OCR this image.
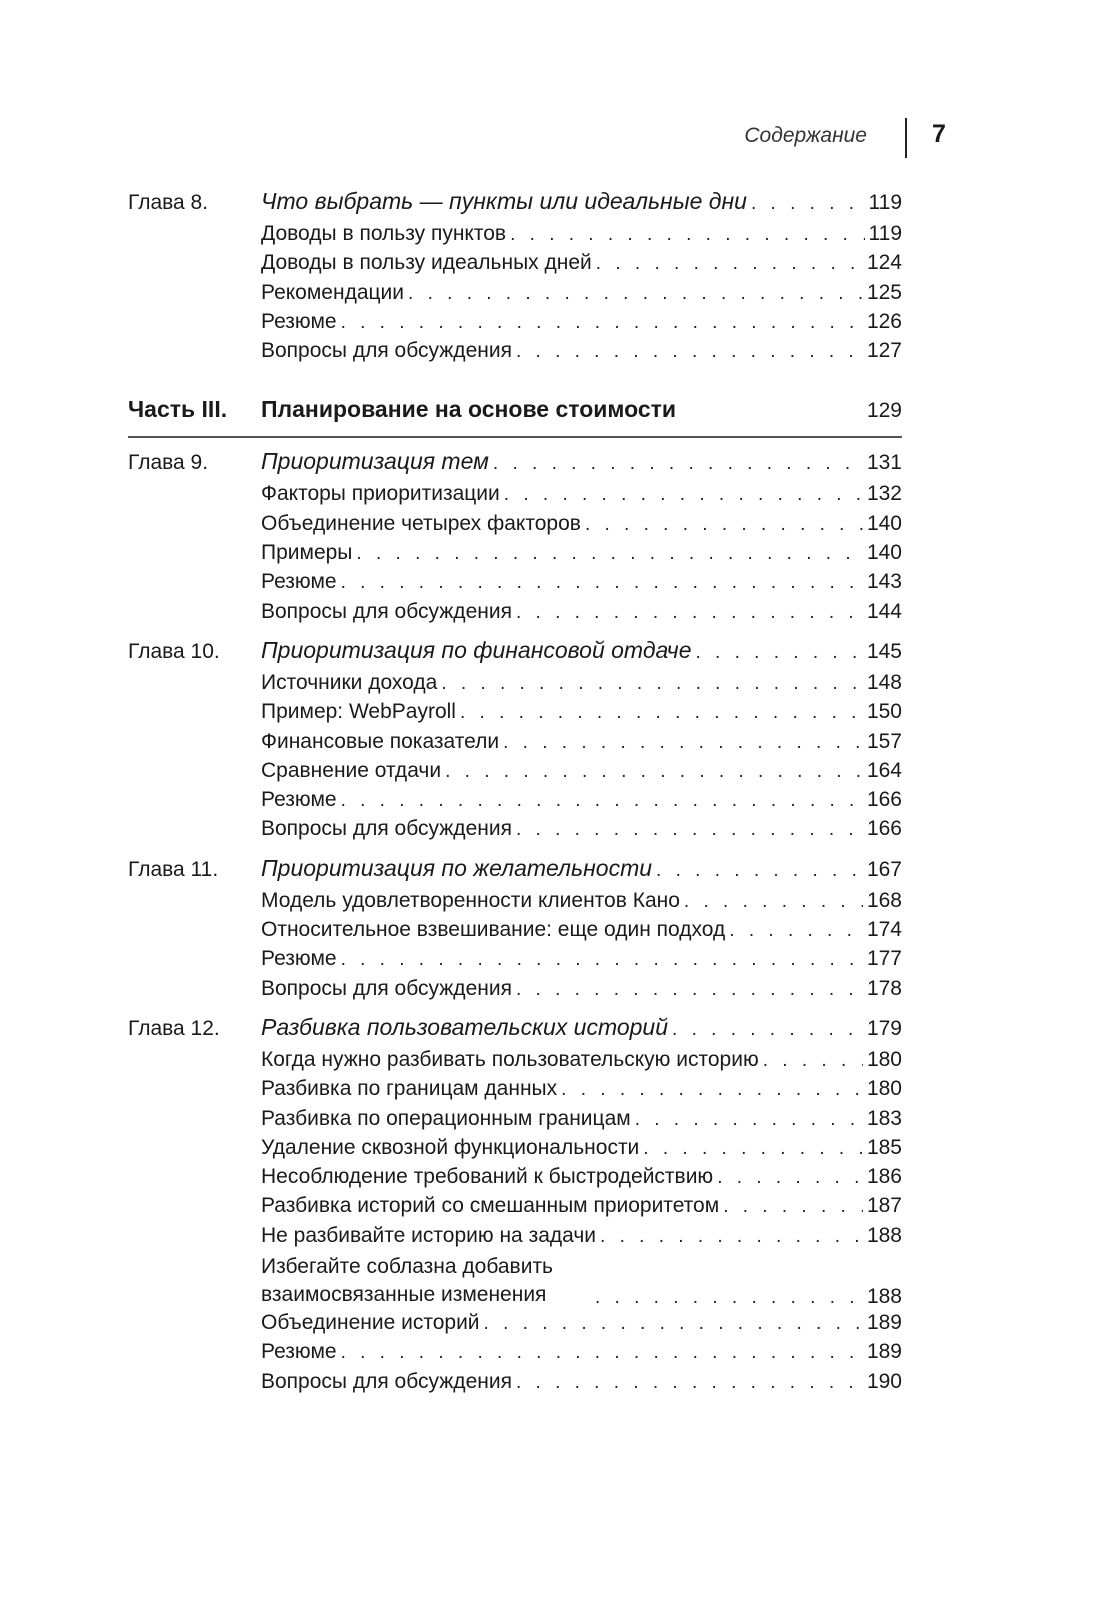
Содержание	7
Глава 8.	Что выбрать — пункты или идеальные дни . . .	119
Доводы в пользу пунктов . . .	119
Доводы в пользу идеальных дней . . .	124
Рекомендации . . .	125
Резюме . . .	126
Вопросы для обсуждения . . .	127
Часть III.	Планирование на основе стоимости	129
Глава 9.	Приоритизация тем . . .	131
Факторы приоритизации . . .	132
Объединение четырех факторов . . .	140
Примеры . . .	140
Резюме . . .	143
Вопросы для обсуждения . . .	144
Глава 10.	Приоритизация по финансовой отдаче . . .	145
Источники дохода . . .	148
Пример: WebPayroll . . .	150
Финансовые показатели . . .	157
Сравнение отдачи . . .	164
Резюме . . .	166
Вопросы для обсуждения . . .	166
Глава 11.	Приоритизация по желательности . . .	167
Модель удовлетворенности клиентов Кано . . .	168
Относительное взвешивание: еще один подход . . .	174
Резюме . . .	177
Вопросы для обсуждения . . .	178
Глава 12.	Разбивка пользовательских историй . . .	179
Когда нужно разбивать пользовательскую историю . . .	180
Разбивка по границам данных . . .	180
Разбивка по операционным границам . . .	183
Удаление сквозной функциональности . . .	185
Несоблюдение требований к быстродействию . . .	186
Разбивка историй со смешанным приоритетом . . .	187
Не разбивайте историю на задачи . . .	188
Избегайте соблазна добавить взаимосвязанные изменения . . .	188
Объединение историй . . .	189
Резюме . . .	189
Вопросы для обсуждения . . .	190
